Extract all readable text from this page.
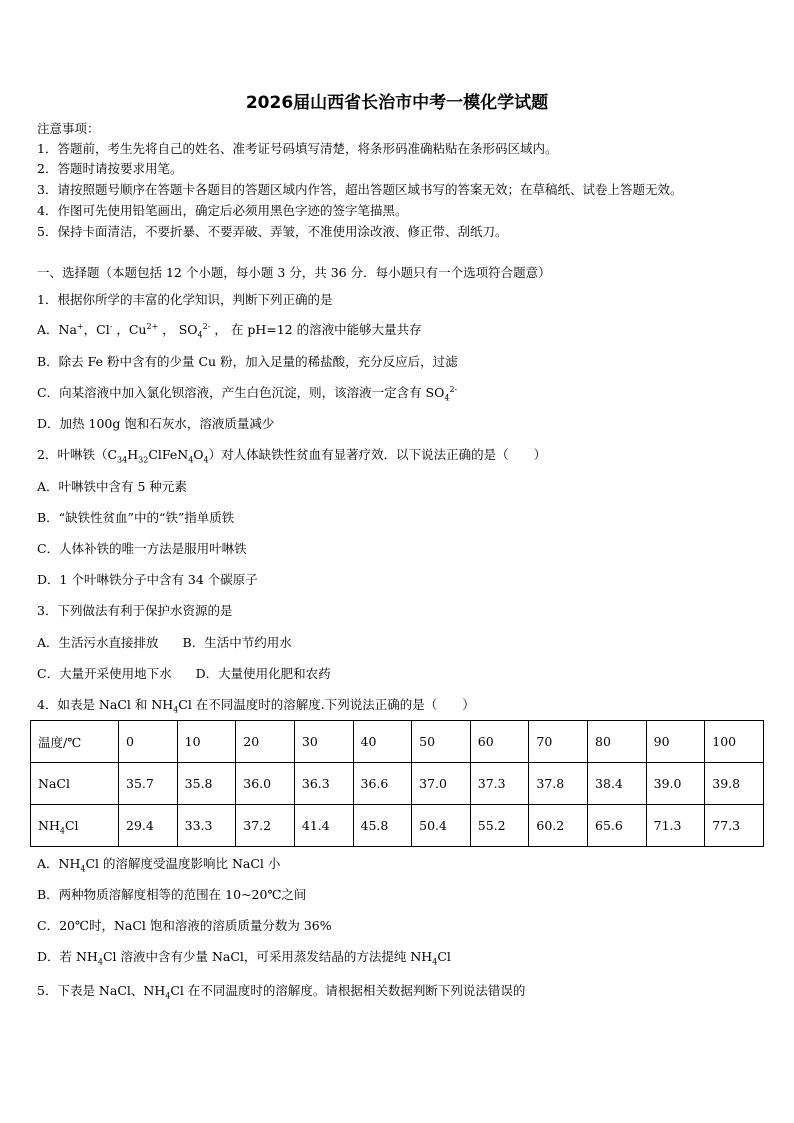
2026届山西省长治市中考一模化学试题
注意事项：
1．答题前，考生先将自己的姓名、准考证号码填写清楚，将条形码准确粘贴在条形码区域内。
2．答题时请按要求用笔。
3．请按照题号顺序在答题卡各题目的答题区域内作答，超出答题区域书写的答案无效；在草稿纸、试卷上答题无效。
4．作图可先使用铅笔画出，确定后必须用黑色字迹的签字笔描黑。
5．保持卡面清洁，不要折暴、不要弄破、弄皱，不准使用涂改液、修正带、刮纸刀。
一、选择题（本题包括 12 个小题，每小题 3 分，共 36 分．每小题只有一个选项符合题意）
1．根据你所学的丰富的化学知识，判断下列正确的是
A．Na+，Cl- ，$Cu^{2+}$ ， $SO_4^{2-}$ ， 在 pH=12 的溶液中能够大量共存
B．除去 Fe 粉中含有的少量 Cu 粉，加入足量的稀盐酸，充分反应后，过滤
C．向某溶液中加入氯化钡溶液，产生白色沉淀，则，该溶液一定含有 $SO_4^{2-}$
D．加热 100g 饱和石灰水，溶液质量减少
2．叶啉铁$(C_{34}H_{32}ClFeN_4O_4)$对人体缺铁性贫血有显著疗效．以下说法正确的是（　　）
A．叶啉铁中含有 5 种元素
B．“缺铁性贫血”中的“铁”指单质铁
C．人体补铁的唯一方法是服用叶啉铁
D．1 个叶啉铁分子中含有 34 个碳原子
3．下列做法有利于保护水资源的是
A．生活污水直接排放 B．生活中节约用水
C．大量开采使用地下水 D．大量使用化肥和农药
4．如表是 NaCl 和 $NH_4Cl$ 在不同温度时的溶解度.下列说法正确的是（　　）
温度/℃	0	10	20	30	40	50	60	70	80	90	100
NaCl	35.7	35.8	36.0	36.3	36.6	37.0	37.3	37.8	38.4	39.0	39.8
$NH_4Cl$	29.4	33.3	37.2	41.4	45.8	50.4	55.2	60.2	65.6	71.3	77.3
A．$NH_4Cl$ 的溶解度受温度影响比 NaCl 小
B．两种物质溶解度相等的范围在 10~20℃之间
C．20℃时，NaCl 饱和溶液的溶质质量分数为 36%
D．若 $NH_4Cl$ 溶液中含有少量 NaCl，可采用蒸发结晶的方法提纯 $NH_4Cl$
5．下表是 NaCl、$NH_4Cl$ 在不同温度时的溶解度。请根据相关数据判断下列说法错误的
